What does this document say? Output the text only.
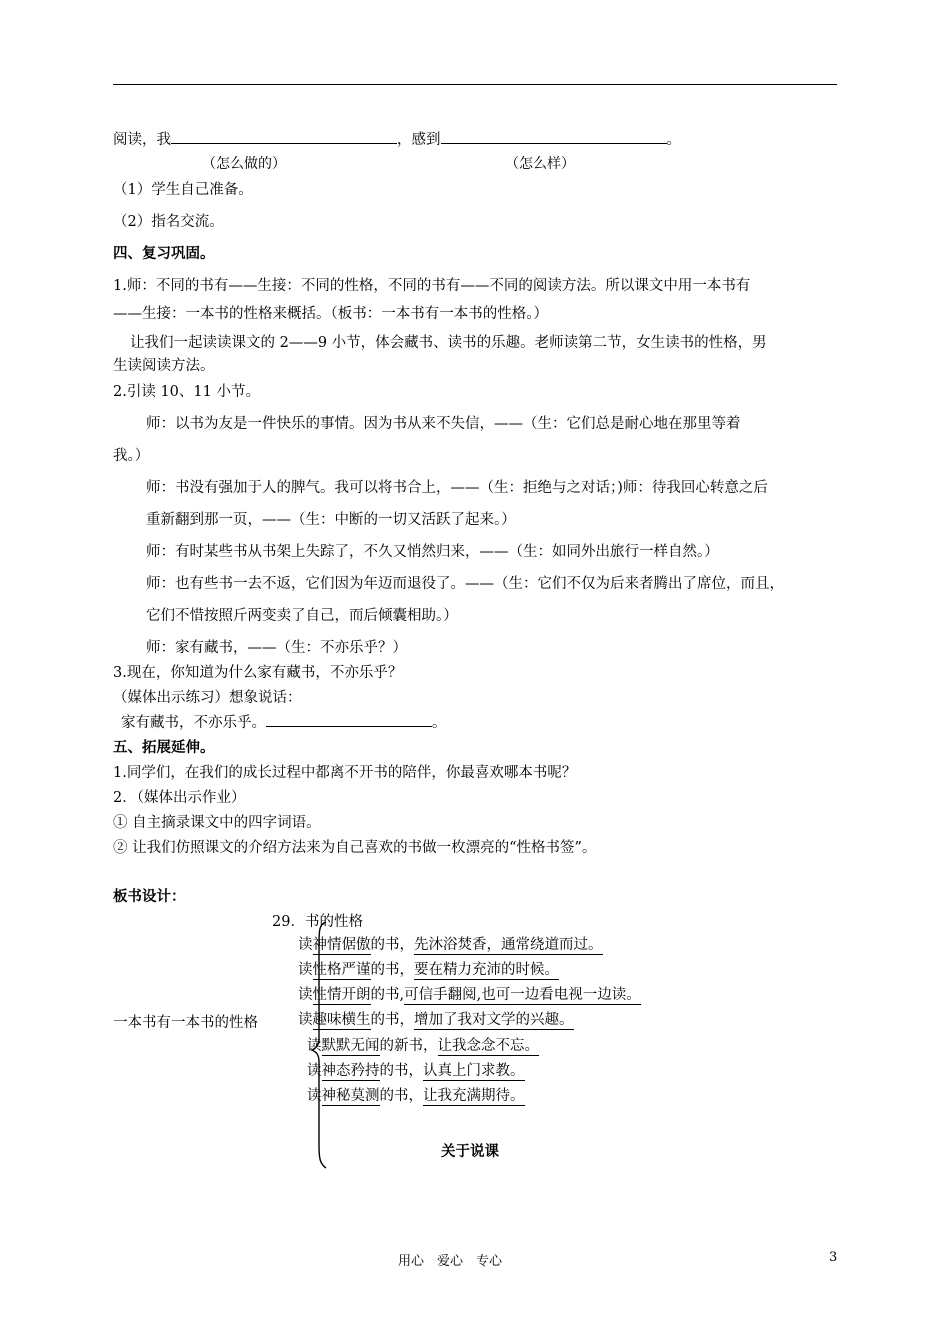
阅读，我	，感到	。
（怎么做的）	（怎么样）
（1）学生自己准备。
（2）指名交流。
四、复习巩固。
1.师：不同的书有——生接：不同的性格，不同的书有——不同的阅读方法。所以课文中用一本书有
——生接：一本书的性格来概括。（板书：一本书有一本书的性格。）
让我们一起读读课文的 2——9 小节，体会藏书、读书的乐趣。老师读第二节，女生读书的性格，男
生读阅读方法。
2.引读 10、11 小节。
师：以书为友是一件快乐的事情。因为书从来不失信，——（生：它们总是耐心地在那里等着
我。）
师：书没有强加于人的脾气。我可以将书合上，——（生：拒绝与之对话；)师：待我回心转意之后
重新翻到那一页，——（生：中断的一切又活跃了起来。）
师：有时某些书从书架上失踪了，不久又悄然归来，——（生：如同外出旅行一样自然。）
师：也有些书一去不返，它们因为年迈而退役了。——（生：它们不仅为后来者腾出了席位，而且，
它们不惜按照斤两变卖了自己，而后倾囊相助。）
师：家有藏书，——（生：不亦乐乎？）
3.现在，你知道为什么家有藏书，不亦乐乎？
（媒体出示练习）想象说话：
家有藏书，不亦乐乎。	。
五、拓展延伸。
1.同学们，在我们的成长过程中都离不开书的陪伴，你最喜欢哪本书呢？
2．（媒体出示作业）
① 自主摘录课文中的四字词语。
② 让我们仿照课文的介绍方法来为自己喜欢的书做一枚漂亮的“性格书签”。
板书设计：
29．书的性格
一本书有一本书的性格
读神情倨傲的书，先沐浴焚香，通常绕道而过。
读性格严谨的书，要在精力充沛的时候。
读性情开朗的书,可信手翻阅,也可一边看电视一边读。
读趣味横生的书，增加了我对文学的兴趣。
读默默无闻的新书，让我念念不忘。
读神态矜持的书，认真上门求教。
读神秘莫测的书，让我充满期待。
关于说课
用心　爱心　专心	3
